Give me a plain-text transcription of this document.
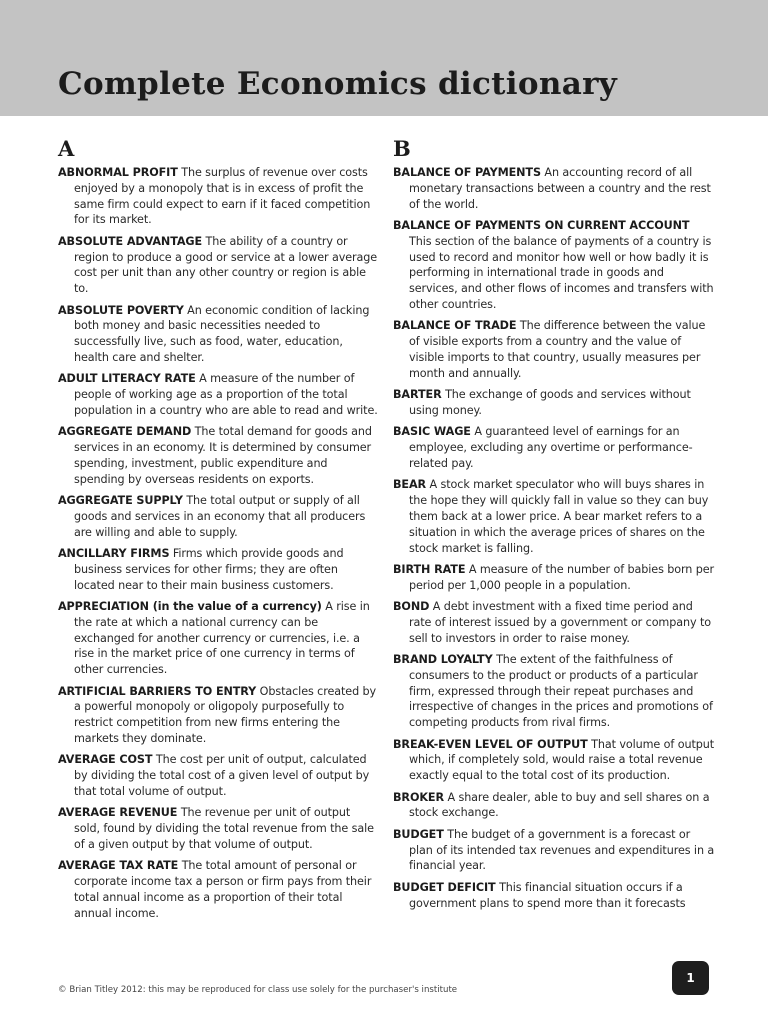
Complete Economics dictionary
A
ABNORMAL PROFIT The surplus of revenue over costs enjoyed by a monopoly that is in excess of profit the same firm could expect to earn if it faced competition for its market.
ABSOLUTE ADVANTAGE The ability of a country or region to produce a good or service at a lower average cost per unit than any other country or region is able to.
ABSOLUTE POVERTY An economic condition of lacking both money and basic necessities needed to successfully live, such as food, water, education, health care and shelter.
ADULT LITERACY RATE A measure of the number of people of working age as a proportion of the total population in a country who are able to read and write.
AGGREGATE DEMAND The total demand for goods and services in an economy. It is determined by consumer spending, investment, public expenditure and spending by overseas residents on exports.
AGGREGATE SUPPLY The total output or supply of all goods and services in an economy that all producers are willing and able to supply.
ANCILLARY FIRMS Firms which provide goods and business services for other firms; they are often located near to their main business customers.
APPRECIATION (in the value of a currency) A rise in the rate at which a national currency can be exchanged for another currency or currencies, i.e. a rise in the market price of one currency in terms of other currencies.
ARTIFICIAL BARRIERS TO ENTRY Obstacles created by a powerful monopoly or oligopoly purposefully to restrict competition from new firms entering the markets they dominate.
AVERAGE COST The cost per unit of output, calculated by dividing the total cost of a given level of output by that total volume of output.
AVERAGE REVENUE The revenue per unit of output sold, found by dividing the total revenue from the sale of a given output by that volume of output.
AVERAGE TAX RATE The total amount of personal or corporate income tax a person or firm pays from their total annual income as a proportion of their total annual income.
B
BALANCE OF PAYMENTS An accounting record of all monetary transactions between a country and the rest of the world.
BALANCE OF PAYMENTS ON CURRENT ACCOUNT This section of the balance of payments of a country is used to record and monitor how well or how badly it is performing in international trade in goods and services, and other flows of incomes and transfers with other countries.
BALANCE OF TRADE The difference between the value of visible exports from a country and the value of visible imports to that country, usually measures per month and annually.
BARTER The exchange of goods and services without using money.
BASIC WAGE A guaranteed level of earnings for an employee, excluding any overtime or performance-related pay.
BEAR A stock market speculator who will buys shares in the hope they will quickly fall in value so they can buy them back at a lower price. A bear market refers to a situation in which the average prices of shares on the stock market is falling.
BIRTH RATE A measure of the number of babies born per period per 1,000 people in a population.
BOND A debt investment with a fixed time period and rate of interest issued by a government or company to sell to investors in order to raise money.
BRAND LOYALTY The extent of the faithfulness of consumers to the product or products of a particular firm, expressed through their repeat purchases and irrespective of changes in the prices and promotions of competing products from rival firms.
BREAK-EVEN LEVEL OF OUTPUT That volume of output which, if completely sold, would raise a total revenue exactly equal to the total cost of its production.
BROKER A share dealer, able to buy and sell shares on a stock exchange.
BUDGET The budget of a government is a forecast or plan of its intended tax revenues and expenditures in a financial year.
BUDGET DEFICIT This financial situation occurs if a government plans to spend more than it forecasts
© Brian Titley 2012: this may be reproduced for class use solely for the purchaser's institute
1
